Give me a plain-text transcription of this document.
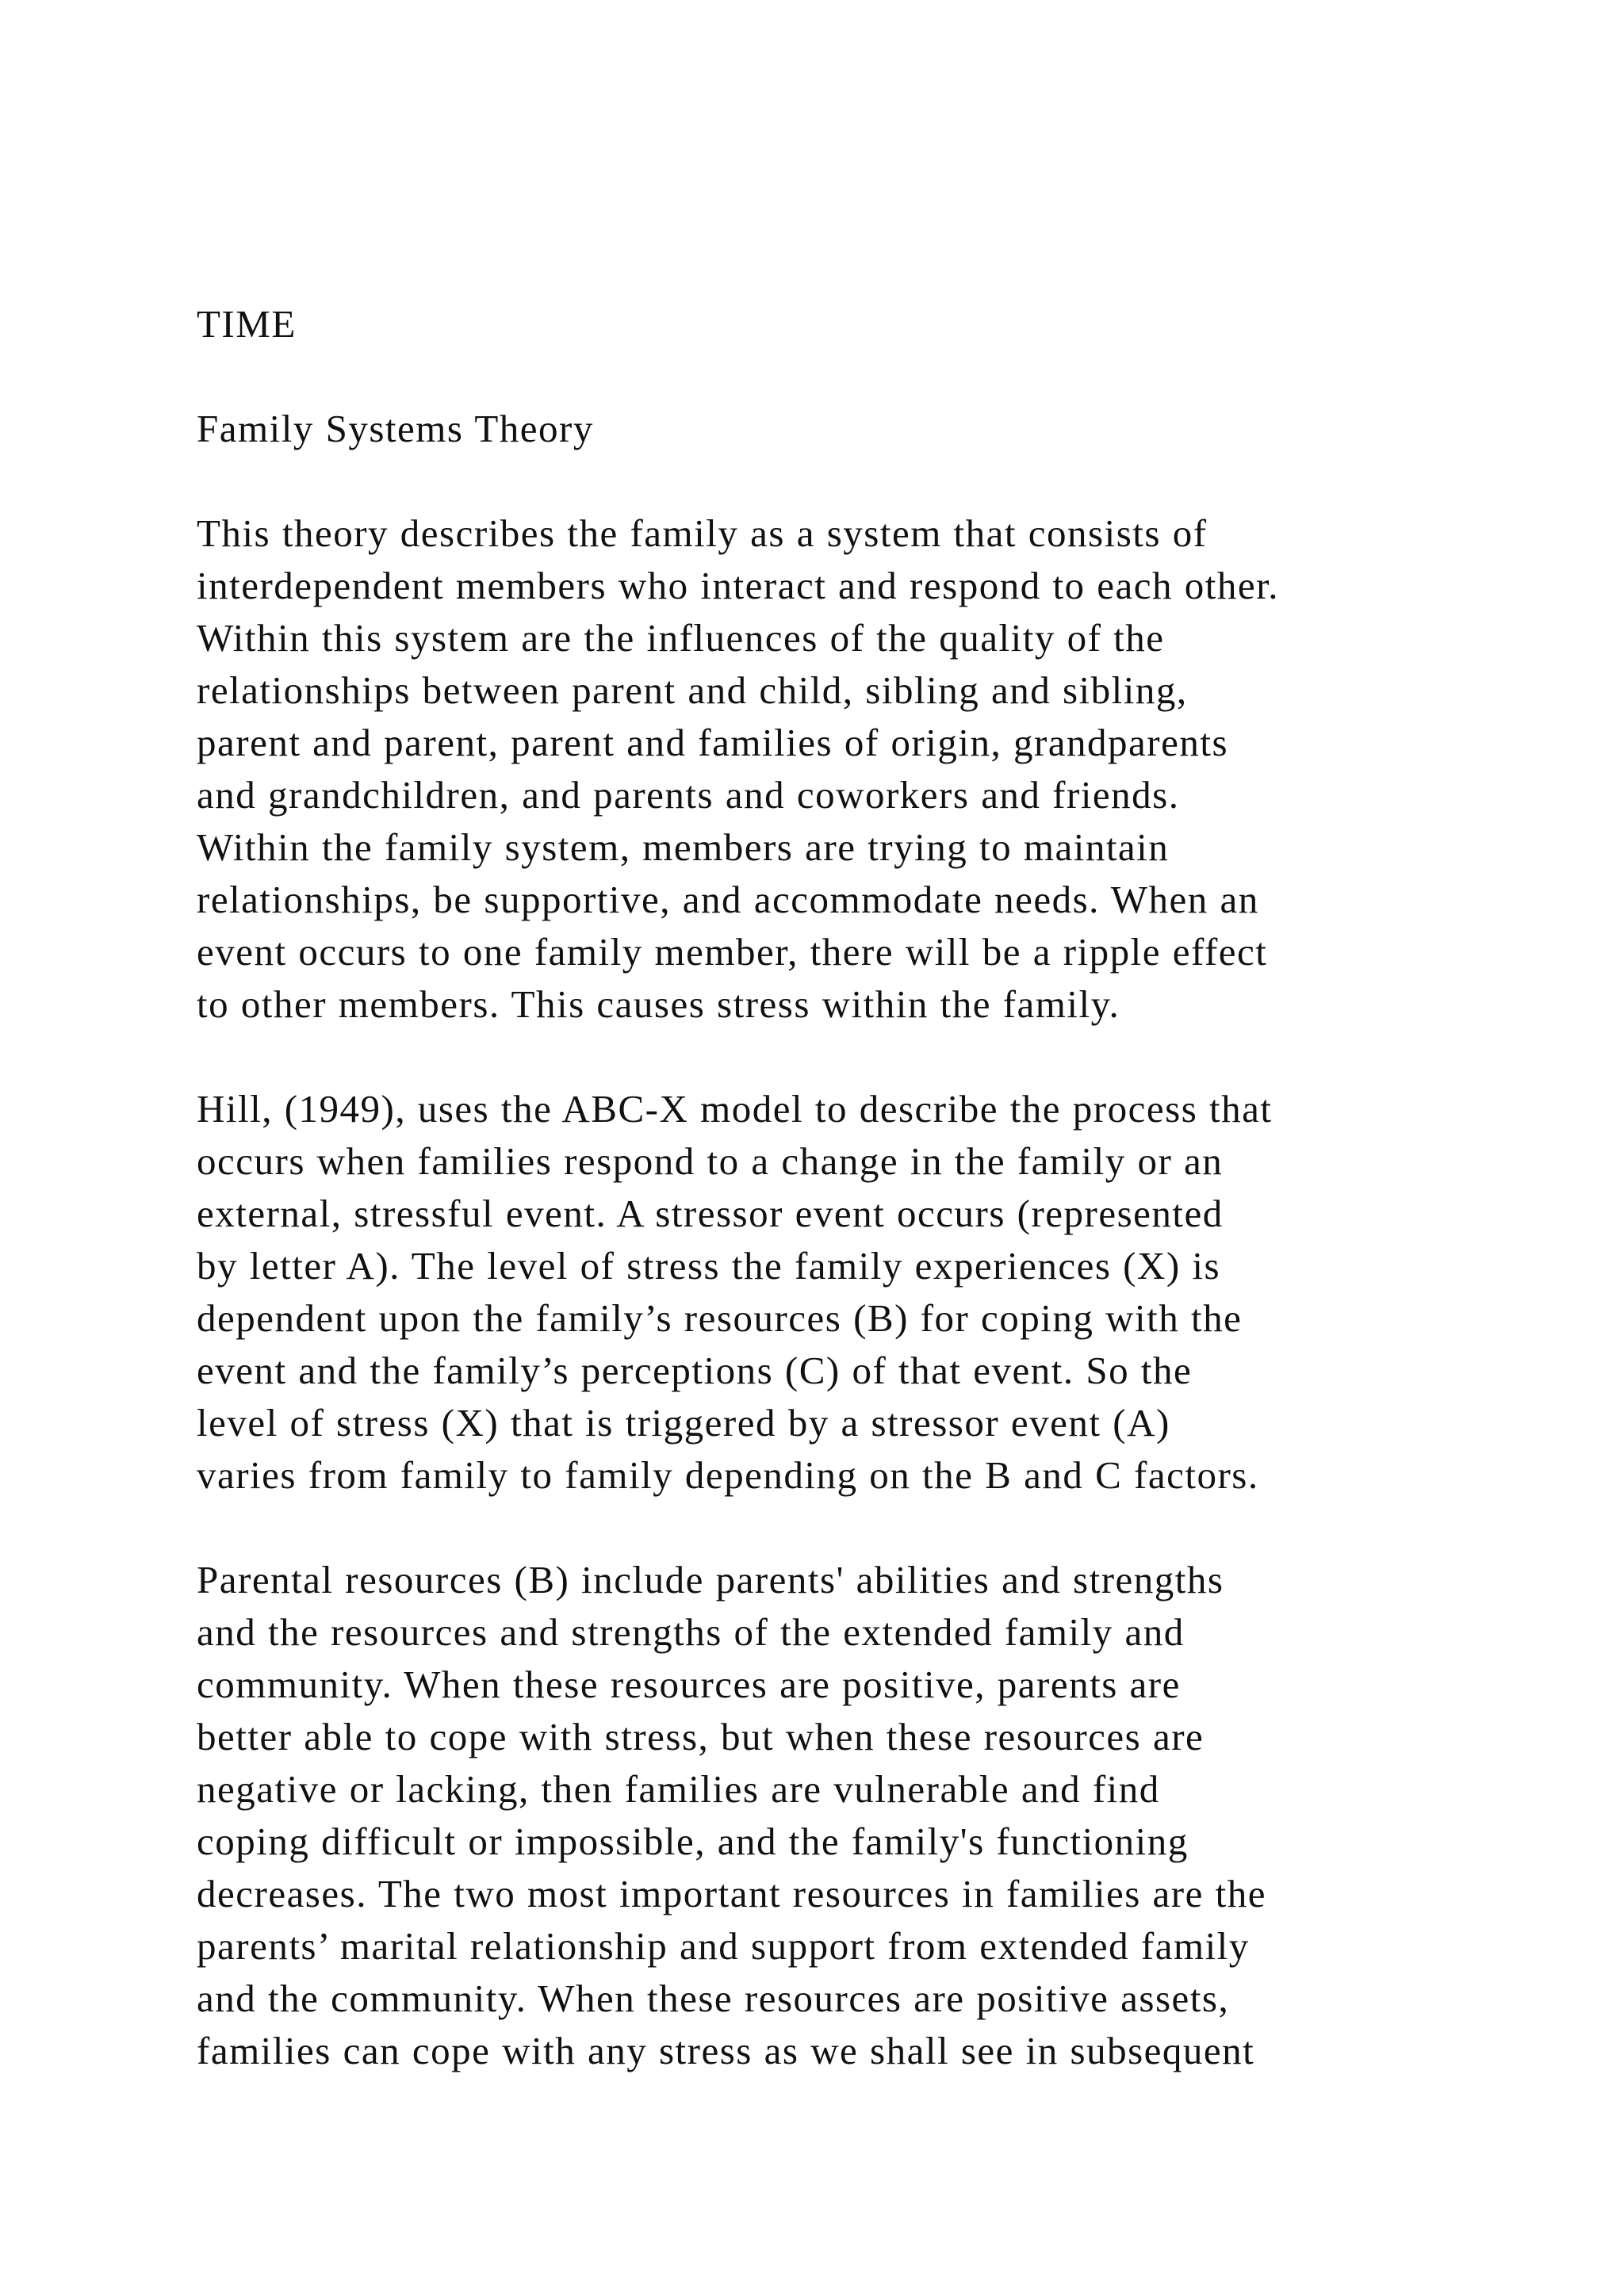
TIME
Family Systems Theory
This theory describes the family as a system that consists of
interdependent members who interact and respond to each other.
Within this system are the influences of the quality of the
relationships between parent and child, sibling and sibling,
parent and parent, parent and families of origin, grandparents
and grandchildren, and parents and coworkers and friends.
Within the family system, members are trying to maintain
relationships, be supportive, and accommodate needs. When an
event occurs to one family member, there will be a ripple effect
to other members. This causes stress within the family.
Hill, (1949), uses the ABC-X model to describe the process that
occurs when families respond to a change in the family or an
external, stressful event. A stressor event occurs (represented
by letter A). The level of stress the family experiences (X) is
dependent upon the family’s resources (B) for coping with the
event and the family’s perceptions (C) of that event. So the
level of stress (X) that is triggered by a stressor event (A)
varies from family to family depending on the B and C factors.
Parental resources (B) include parents' abilities and strengths
and the resources and strengths of the extended family and
community. When these resources are positive, parents are
better able to cope with stress, but when these resources are
negative or lacking, then families are vulnerable and find
coping difficult or impossible, and the family's functioning
decreases. The two most important resources in families are the
parents’ marital relationship and support from extended family
and the community. When these resources are positive assets,
families can cope with any stress as we shall see in subsequent
